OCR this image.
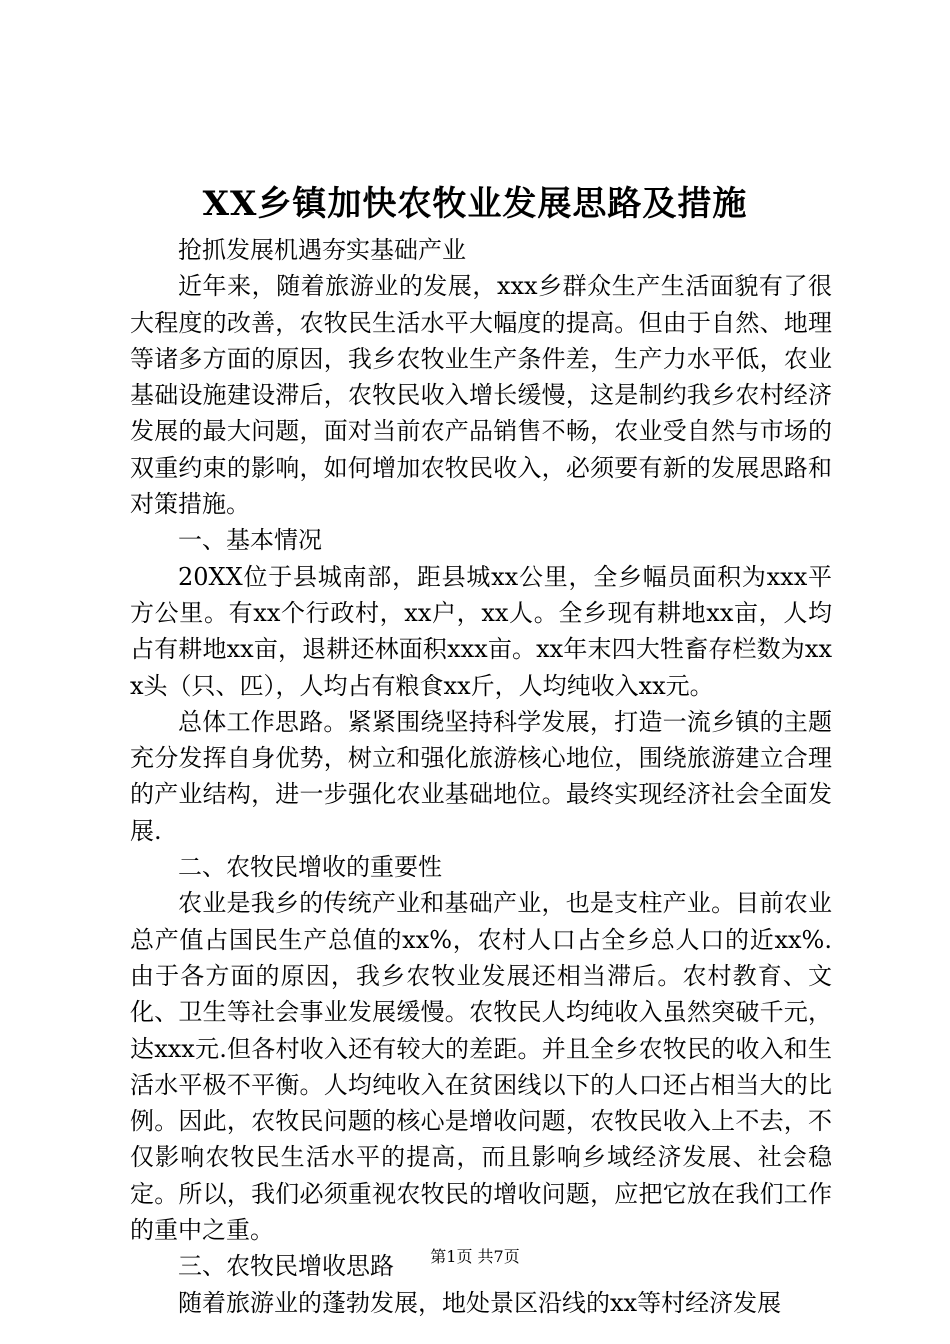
XX乡镇加快农牧业发展思路及措施

抢抓发展机遇夯实基础产业

近年来，随着旅游业的发展，xxx乡群众生产生活面貌有了很大程度的改善，农牧民生活水平大幅度的提高。但由于自然、地理等诸多方面的原因，我乡农牧业生产条件差，生产力水平低，农业基础设施建设滞后，农牧民收入增长缓慢，这是制约我乡农村经济发展的最大问题，面对当前农产品销售不畅，农业受自然与市场的双重约束的影响，如何增加农牧民收入，必须要有新的发展思路和对策措施。

一、基本情况

20XX位于县城南部，距县城xx公里，全乡幅员面积为xxx平方公里。有xx个行政村，xx户，xx人。全乡现有耕地xx亩，人均占有耕地xx亩，退耕还林面积xxx亩。xx年末四大牲畜存栏数为xxx头（只、匹），人均占有粮食xx斤，人均纯收入xx元。

总体工作思路。紧紧围绕坚持科学发展，打造一流乡镇的主题充分发挥自身优势，树立和强化旅游核心地位，围绕旅游建立合理的产业结构，进一步强化农业基础地位。最终实现经济社会全面发展.

二、农牧民增收的重要性

农业是我乡的传统产业和基础产业，也是支柱产业。目前农业总产值占国民生产总值的xx%，农村人口占全乡总人口的近xx%.由于各方面的原因，我乡农牧业发展还相当滞后。农村教育、文化、卫生等社会事业发展缓慢。农牧民人均纯收入虽然突破千元，达xxx元.但各村收入还有较大的差距。并且全乡农牧民的收入和生活水平极不平衡。人均纯收入在贫困线以下的人口还占相当大的比例。因此，农牧民问题的核心是增收问题，农牧民收入上不去，不仅影响农牧民生活水平的提高，而且影响乡域经济发展、社会稳定。所以，我们必须重视农牧民的增收问题，应把它放在我们工作的重中之重。

三、农牧民增收思路

随着旅游业的蓬勃发展，地处景区沿线的xx等村经济发展

第1页 共7页
